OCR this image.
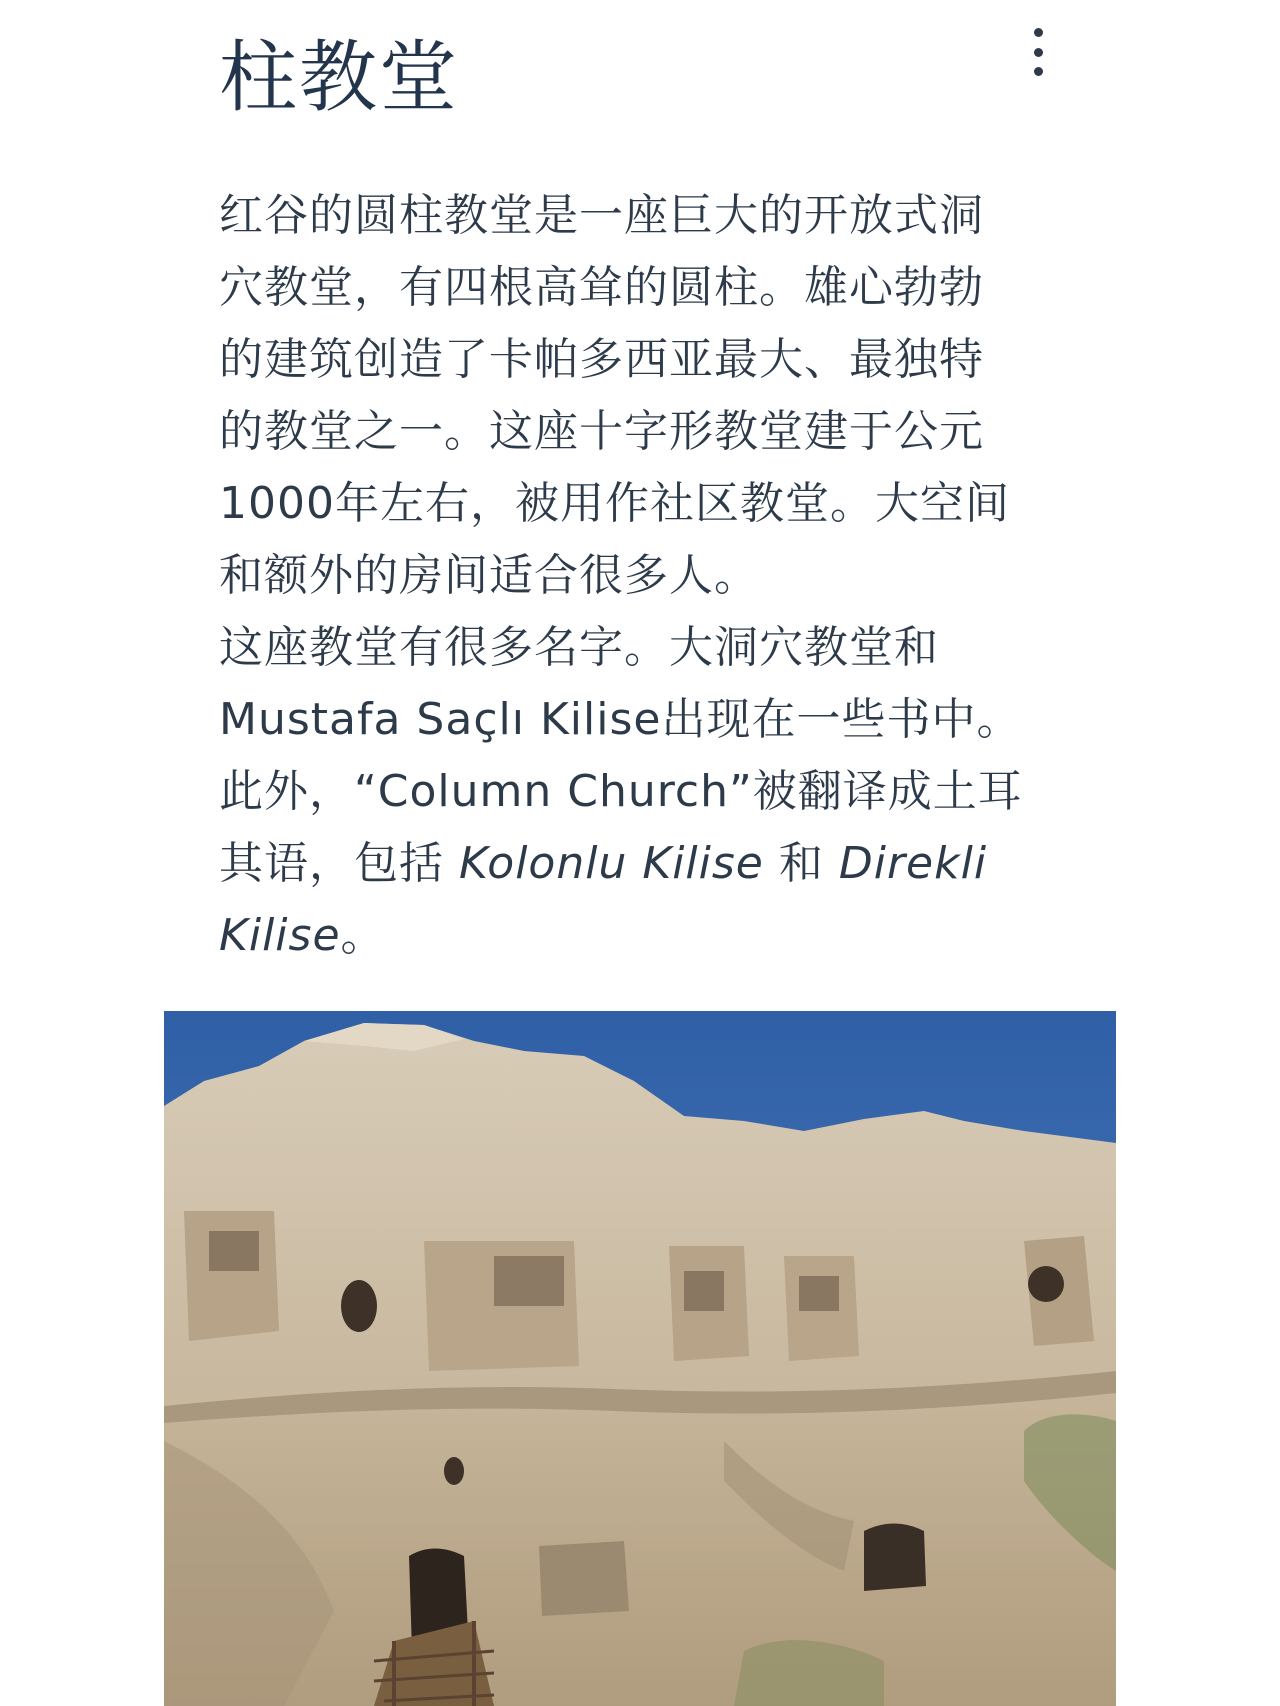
柱教堂
红谷的圆柱教堂是一座巨大的开放式洞
穴教堂，有四根高耸的圆柱。雄心勃勃
的建筑创造了卡帕多西亚最大、最独特
的教堂之一。这座十字形教堂建于公元
1000年左右，被用作社区教堂。大空间
和额外的房间适合很多人。
这座教堂有很多名字。大洞穴教堂和
Mustafa Saçlı Kilise出现在一些书中。
此外，“Column Church”被翻译成土耳
其语，包括 Kolonlu Kilise 和 Direkli
Kilise。
